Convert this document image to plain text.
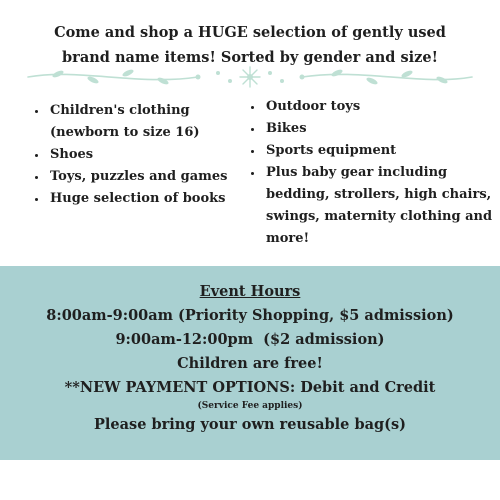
Come and shop a HUGE selection of gently used
brand name items! Sorted by gender and size!
• Children's clothing (newborn to size 16)
• Shoes
• Toys, puzzles and games
• Huge selection of books
• Outdoor toys
• Bikes
• Sports equipment
• Plus baby gear including bedding, strollers, high chairs, swings, maternity clothing and more!
Event Hours
8:00am-9:00am (Priority Shopping, $5 admission)
9:00am-12:00pm  ($2 admission)
Children are free!
**NEW PAYMENT OPTIONS: Debit and Credit
(Service Fee applies)
Please bring your own reusable bag(s)
